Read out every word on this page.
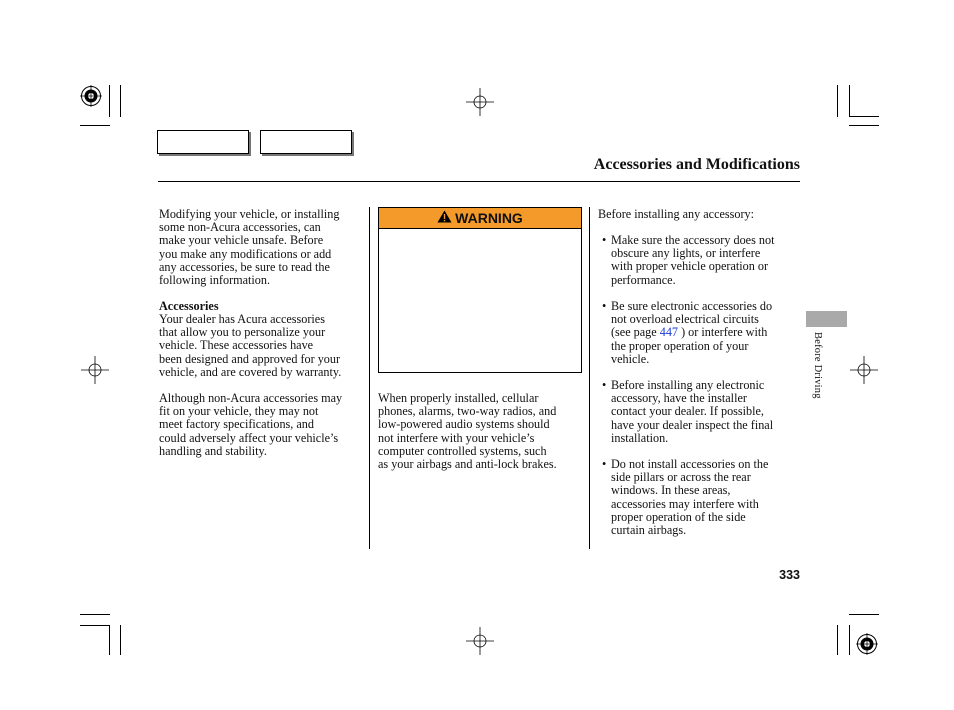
Accessories and Modifications
Modifying your vehicle, or installing
some non-Acura accessories, can
make your vehicle unsafe. Before
you make any modifications or add
any accessories, be sure to read the
following information.
Accessories
Your dealer has Acura accessories
that allow you to personalize your
vehicle. These accessories have
been designed and approved for your
vehicle, and are covered by warranty.
Although non-Acura accessories may
fit on your vehicle, they may not
meet factory specifications, and
could adversely affect your vehicle’s
handling and stability.
WARNING
When properly installed, cellular
phones, alarms, two-way radios, and
low-powered audio systems should
not interfere with your vehicle’s
computer controlled systems, such
as your airbags and anti-lock brakes.
Before installing any accessory:
• Make sure the accessory does not
obscure any lights, or interfere
with proper vehicle operation or
performance.
• Be sure electronic accessories do
not overload electrical circuits
(see page 447 ) or interfere with
the proper operation of your
vehicle.
• Before installing any electronic
accessory, have the installer
contact your dealer. If possible,
have your dealer inspect the final
installation.
• Do not install accessories on the
side pillars or across the rear
windows. In these areas,
accessories may interfere with
proper operation of the side
curtain airbags.
Before Driving
333
